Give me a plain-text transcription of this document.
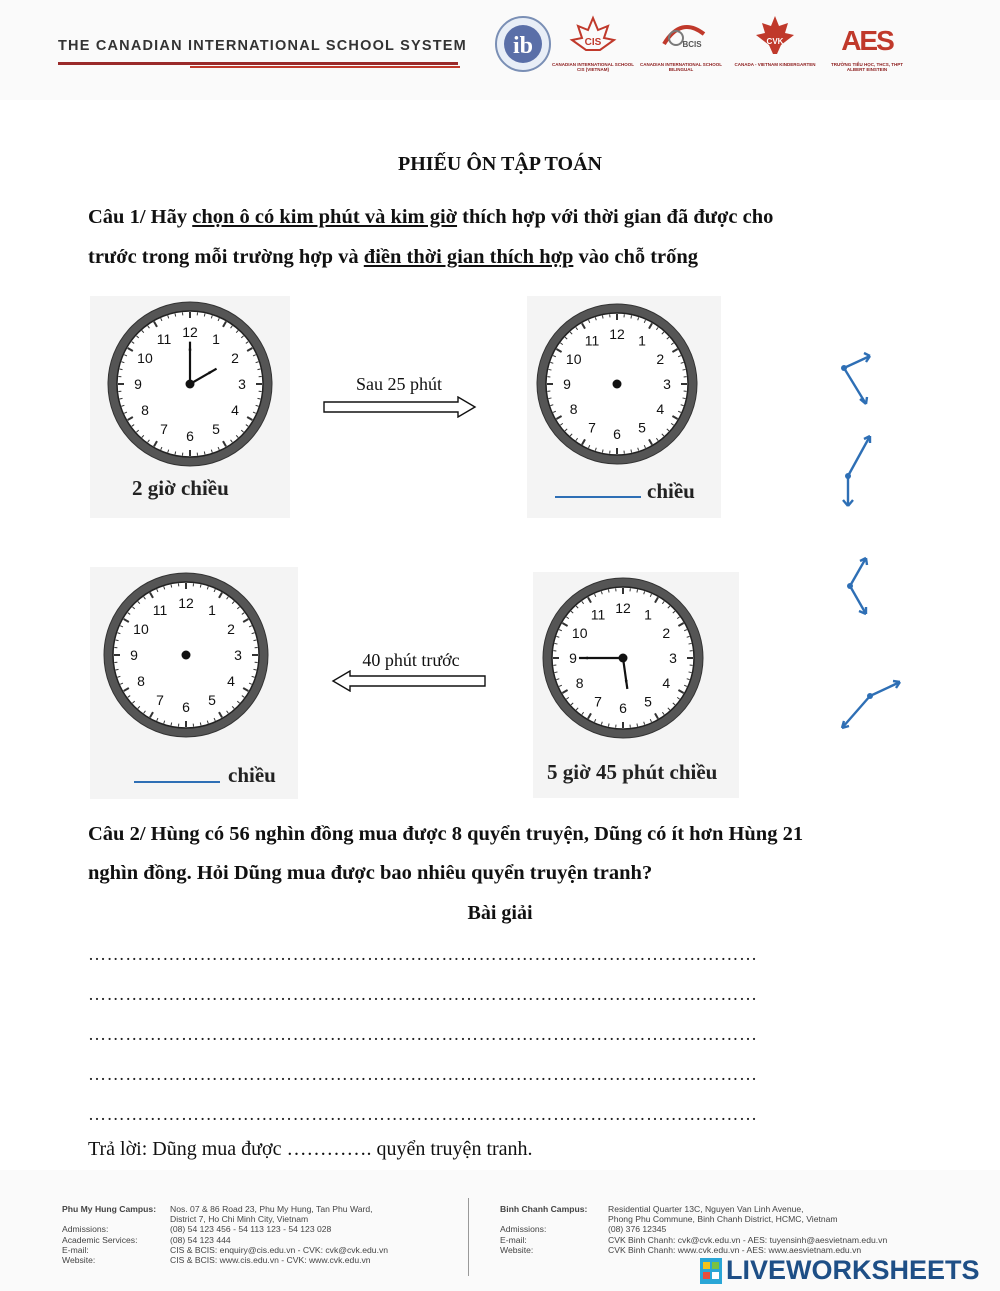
THE CANADIAN INTERNATIONAL SCHOOL SYSTEM ib	CIS
CANADIAN INTERNATIONAL SCHOOL CIS (VIETNAM)
BCIS
CANADIAN INTERNATIONAL SCHOOL BILINGUAL
CVK
CANADA - VIETNAM KINDERGARTEN
AES
TRƯỜNG TIỂU HỌC, THCS, THPT ALBERT EINSTEIN
PHIẾU ÔN TẬP TOÁN
Câu 1/ Hãy chọn ô có kim phút và kim giờ thích hợp với thời gian đã được cho
trước trong mỗi trường hợp và điền thời gian thích hợp vào chỗ trống
12 1
2
3
4
5
6
7
8
9
10
11
2 giờ chiều
Sau 25 phút
12 1
2
3
4
5
6
7
8
9
10
11
chiều
12 1
2
3
4
5
6
7
8
9
10
11
chiều
40 phút trước
12 1
2
3
4
5
6
7
8
9
10
11
5 giờ 45 phút chiều
Câu 2/ Hùng có 56 nghìn đồng mua được 8 quyển truyện, Dũng có ít hơn Hùng 21
nghìn đồng. Hỏi Dũng mua được bao nhiêu quyển truyện tranh?
Bài giải
………………………………………………………………………………………………
………………………………………………………………………………………………
………………………………………………………………………………………………
………………………………………………………………………………………………
………………………………………………………………………………………………
Trả lời: Dũng mua được …………. quyển truyện tranh.
Phu My Hung Campus:	Nos. 07 & 86 Road 23, Phu My Hung, Tan Phu Ward,
District 7, Ho Chi Minh City, Vietnam
Admissions:	(08) 54 123 456 - 54 113 123 - 54 123 028
Academic Services:	(08) 54 123 444
E-mail:	CIS & BCIS: enquiry@cis.edu.vn - CVK: cvk@cvk.edu.vn
Website:	CIS & BCIS: www.cis.edu.vn - CVK: www.cvk.edu.vn
Binh Chanh Campus:	Residential Quarter 13C, Nguyen Van Linh Avenue,
Phong Phu Commune, Binh Chanh District, HCMC, Vietnam
Admissions:	(08) 376 12345
E-mail:	CVK Binh Chanh: cvk@cvk.edu.vn - AES: tuyensinh@aesvietnam.edu.vn
Website:	CVK Binh Chanh: www.cvk.edu.vn - AES: www.aesvietnam.edu.vn
LIVEWORKSHEETS
